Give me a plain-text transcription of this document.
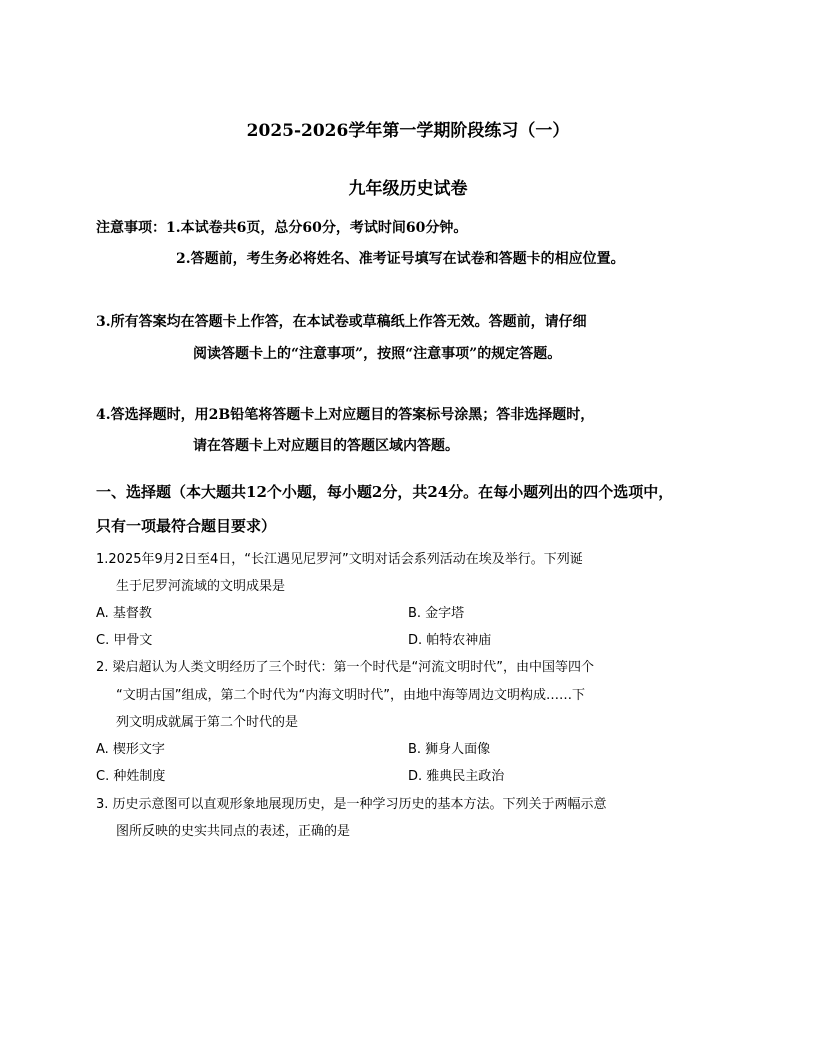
2025-2026学年第一学期阶段练习（一）
九年级历史试卷

注意事项：1.本试卷共6页，总分60分，考试时间60分钟。

2.答题前，考生务必将姓名、准考证号填写在试卷和答题卡的相应位置。

3.所有答案均在答题卡上作答，在本试卷或草稿纸上作答无效。答题前，请仔细

阅读答题卡上的“注意事项”，按照“注意事项”的规定答题。

4.答选择题时，用2B铅笔将答题卡上对应题目的答案标号涂黑；答非选择题时，

请在答题卡上对应题目的答题区域内答题。

一、选择题（本大题共12个小题，每小题2分，共24分。在每小题列出的四个选项中，

只有一项最符合题目要求）

1.2025年9月2日至4日，“长江遇见尼罗河”文明对话会系列活动在埃及举行。下列诞

生于尼罗河流域的文明成果是

A. 基督教	B. 金字塔

C. 甲骨文	D. 帕特农神庙

2. 梁启超认为人类文明经历了三个时代：第一个时代是“河流文明时代”，由中国等四个

“文明古国”组成，第二个时代为“内海文明时代”，由地中海等周边文明构成……下

列文明成就属于第二个时代的是

A. 楔形文字	B. 狮身人面像

C. 种姓制度	D. 雅典民主政治

3. 历史示意图可以直观形象地展现历史，是一种学习历史的基本方法。下列关于两幅示意

图所反映的史实共同点的表述，正确的是
